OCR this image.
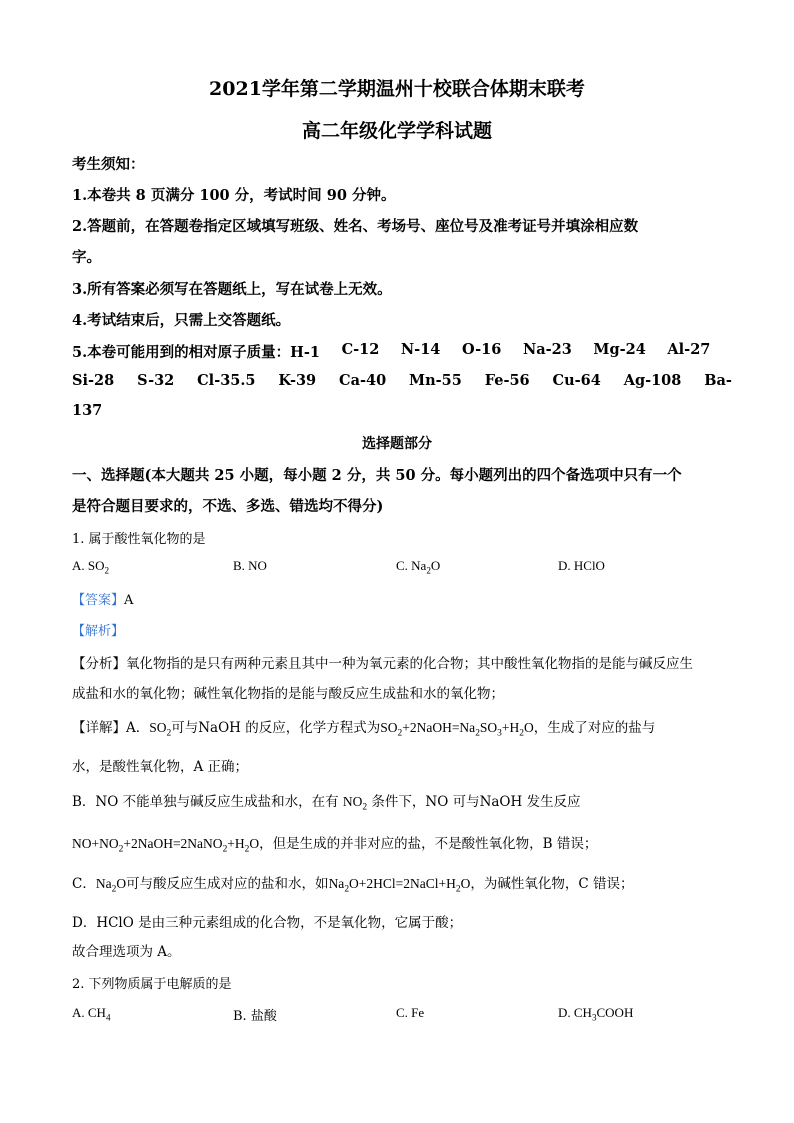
2021学年第二学期温州十校联合体期末联考
高二年级化学学科试题
考生须知：
1.本卷共 8 页满分 100 分，考试时间 90 分钟。
2.答题前，在答题卷指定区域填写班级、姓名、考场号、座位号及准考证号并填涂相应数
字。
3.所有答案必须写在答题纸上，写在试卷上无效。
4.考试结束后，只需上交答题纸。
5.本卷可能用到的相对原子质量：H-1 C-12 N-14 O-16 Na-23 Mg-24 Al-27
Si-28 S-32 Cl-35.5 K-39 Ca-40 Mn-55 Fe-56 Cu-64 Ag-108 Ba-
137
选择题部分
一、选择题(本大题共 25 小题，每小题 2 分，共 50 分。每小题列出的四个备选项中只有一个
是符合题目要求的，不选、多选、错选均不得分)
1. 属于酸性氧化物的是
A. $SO_2$	B. NO	C. $Na_2O$	D. HClO
【答案】A
【解析】
【分析】氧化物指的是只有两种元素且其中一种为氧元素的化合物；其中酸性氧化物指的是能与碱反应生
成盐和水的氧化物；碱性氧化物指的是能与酸反应生成盐和水的氧化物；
【详解】A．$SO_2$可与NaOH 的反应，化学方程式为$SO_2+2NaOH=Na_2SO_3+H_2O$，生成了对应的盐与
水，是酸性氧化物，A 正确；
B．NO 不能单独与碱反应生成盐和水，在有 $NO_2$ 条件下，NO 可与NaOH 发生反应
$NO+NO_2+2NaOH=2NaNO_2+H_2O$，但是生成的并非对应的盐，不是酸性氧化物，B 错误；
C．$Na_2O$可与酸反应生成对应的盐和水，如$Na_2O+2HCl=2NaCl+H_2O$，为碱性氧化物，C 错误；
D．HClO 是由三种元素组成的化合物，不是氧化物，它属于酸；
故合理选项为 A。
2. 下列物质属于电解质的是
A. $CH_4$	B. 盐酸	C. Fe	D. $CH_3COOH$
